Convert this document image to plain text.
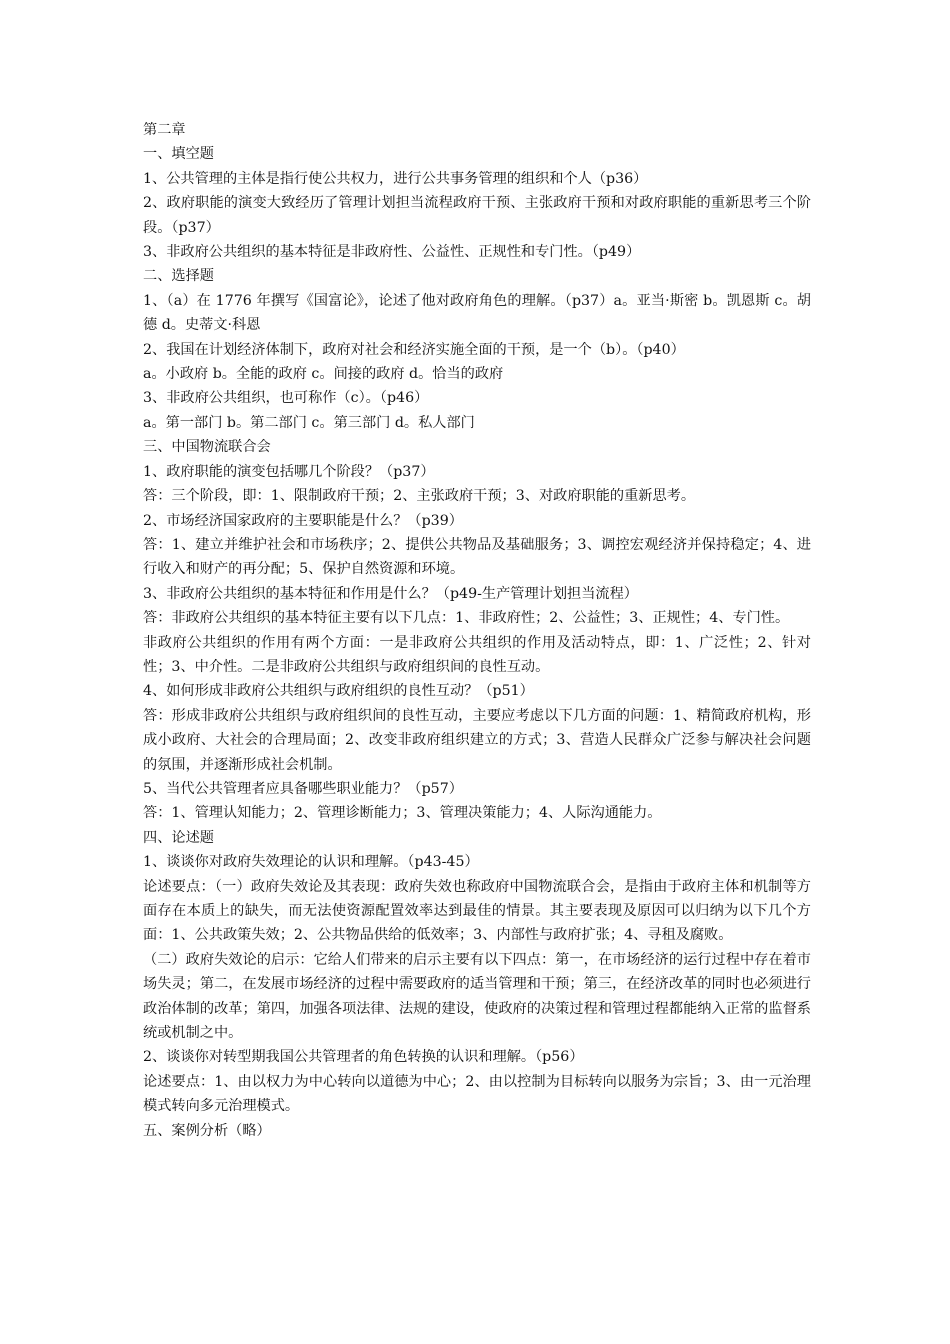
第二章

一、填空题

1、公共管理的主体是指行使公共权力，进行公共事务管理的组织和个人（p36）

2、政府职能的演变大致经历了管理计划担当流程政府干预、主张政府干预和对政府职能的重新思考三个阶段。（p37）

3、非政府公共组织的基本特征是非政府性、公益性、正规性和专门性。（p49）

二、选择题

1、（a）在 1776 年撰写《国富论》，论述了他对政府角色的理解。（p37）a。亚当·斯密 b。凯恩斯 c。胡德 d。史蒂文·科恩

2、我国在计划经济体制下，政府对社会和经济实施全面的干预，是一个（b）。（p40）

a。小政府 b。全能的政府 c。间接的政府 d。恰当的政府

3、非政府公共组织，也可称作（c）。（p46）

a。第一部门 b。第二部门 c。第三部门 d。私人部门

三、中国物流联合会

1、政府职能的演变包括哪几个阶段？（p37）

答：三个阶段，即：1、限制政府干预；2、主张政府干预；3、对政府职能的重新思考。

2、市场经济国家政府的主要职能是什么？（p39）

答：1、建立并维护社会和市场秩序；2、提供公共物品及基础服务；3、调控宏观经济并保持稳定；4、进行收入和财产的再分配；5、保护自然资源和环境。

3、非政府公共组织的基本特征和作用是什么？（p49-生产管理计划担当流程）

答：非政府公共组织的基本特征主要有以下几点：1、非政府性；2、公益性；3、正规性；4、专门性。

非政府公共组织的作用有两个方面：一是非政府公共组织的作用及活动特点，即：1、广泛性；2、针对性；3、中介性。二是非政府公共组织与政府组织间的良性互动。

4、如何形成非政府公共组织与政府组织的良性互动？（p51）

答：形成非政府公共组织与政府组织间的良性互动，主要应考虑以下几方面的问题：1、精简政府机构，形成小政府、大社会的合理局面；2、改变非政府组织建立的方式；3、营造人民群众广泛参与解决社会问题的氛围，并逐渐形成社会机制。

5、当代公共管理者应具备哪些职业能力？（p57）

答：1、管理认知能力；2、管理诊断能力；3、管理决策能力；4、人际沟通能力。

四、论述题

1、谈谈你对政府失效理论的认识和理解。（p43-45）

论述要点：（一）政府失效论及其表现：政府失效也称政府中国物流联合会，是指由于政府主体和机制等方面存在本质上的缺失，而无法使资源配置效率达到最佳的情景。其主要表现及原因可以归纳为以下几个方面：1、公共政策失效；2、公共物品供给的低效率；3、内部性与政府扩张；4、寻租及腐败。

（二）政府失效论的启示：它给人们带来的启示主要有以下四点：第一，在市场经济的运行过程中存在着市场失灵；第二，在发展市场经济的过程中需要政府的适当管理和干预；第三，在经济改革的同时也必须进行政治体制的改革；第四，加强各项法律、法规的建设，使政府的决策过程和管理过程都能纳入正常的监督系统或机制之中。

2、谈谈你对转型期我国公共管理者的角色转换的认识和理解。（p56）

论述要点：1、由以权力为中心转向以道德为中心；2、由以控制为目标转向以服务为宗旨；3、由一元治理模式转向多元治理模式。

五、案例分析（略）
